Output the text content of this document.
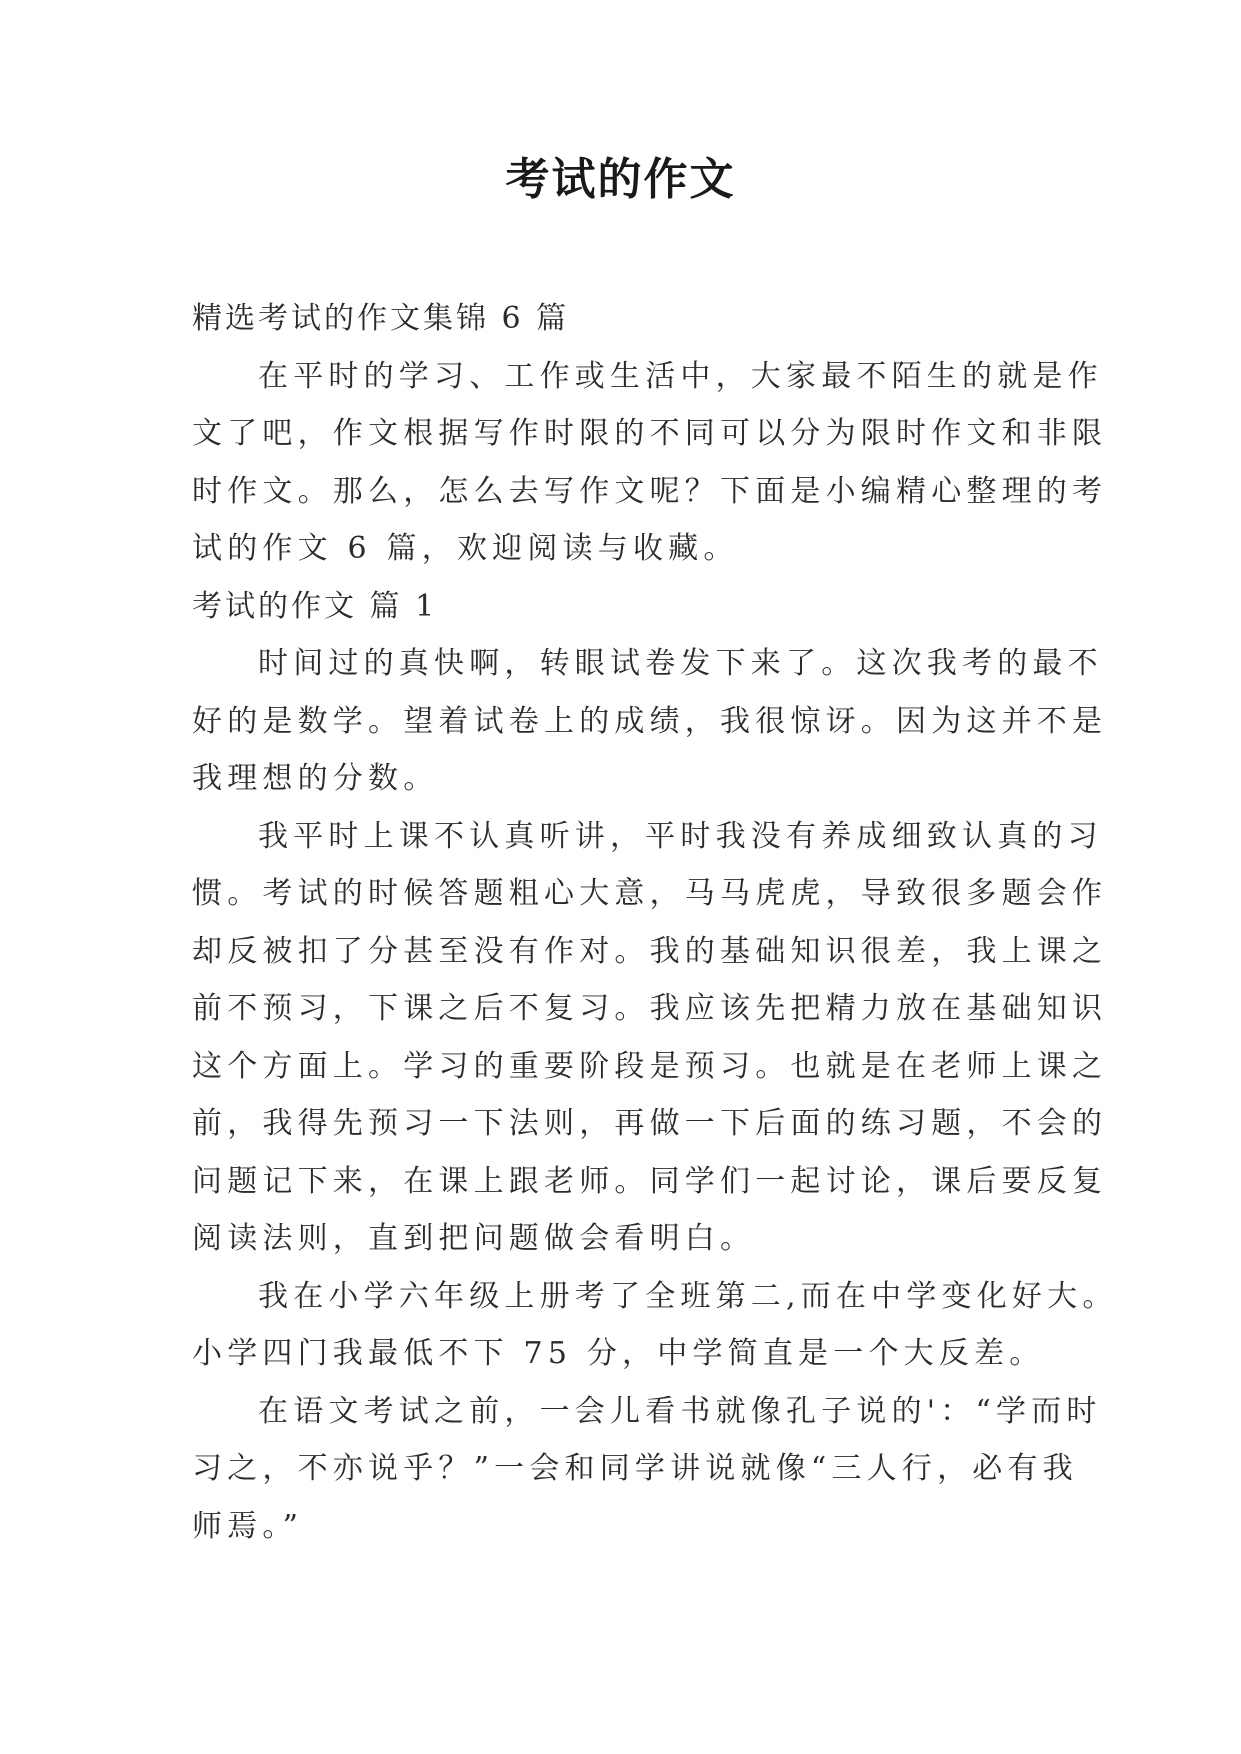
考试的作文

精选考试的作文集锦 6 篇

在平时的学习、工作或生活中，大家最不陌生的就是作

文了吧，作文根据写作时限的不同可以分为限时作文和非限

时作文。那么，怎么去写作文呢？下面是小编精心整理的考

试的作文 6 篇，欢迎阅读与收藏。

考试的作文 篇 1

时间过的真快啊，转眼试卷发下来了。这次我考的最不

好的是数学。望着试卷上的成绩，我很惊讶。因为这并不是

我理想的分数。

我平时上课不认真听讲，平时我没有养成细致认真的习

惯。考试的时候答题粗心大意，马马虎虎，导致很多题会作

却反被扣了分甚至没有作对。我的基础知识很差，我上课之

前不预习，下课之后不复习。我应该先把精力放在基础知识

这个方面上。学习的重要阶段是预习。也就是在老师上课之

前，我得先预习一下法则，再做一下后面的练习题，不会的

问题记下来，在课上跟老师。同学们一起讨论，课后要反复

阅读法则，直到把问题做会看明白。

我在小学六年级上册考了全班第二,而在中学变化好大。

小学四门我最低不下 75 分，中学简直是一个大反差。

在语文考试之前，一会儿看书就像孔子说的'：“学而时

习之，不亦说乎？”一会和同学讲说就像“三人行，必有我

师焉。”
